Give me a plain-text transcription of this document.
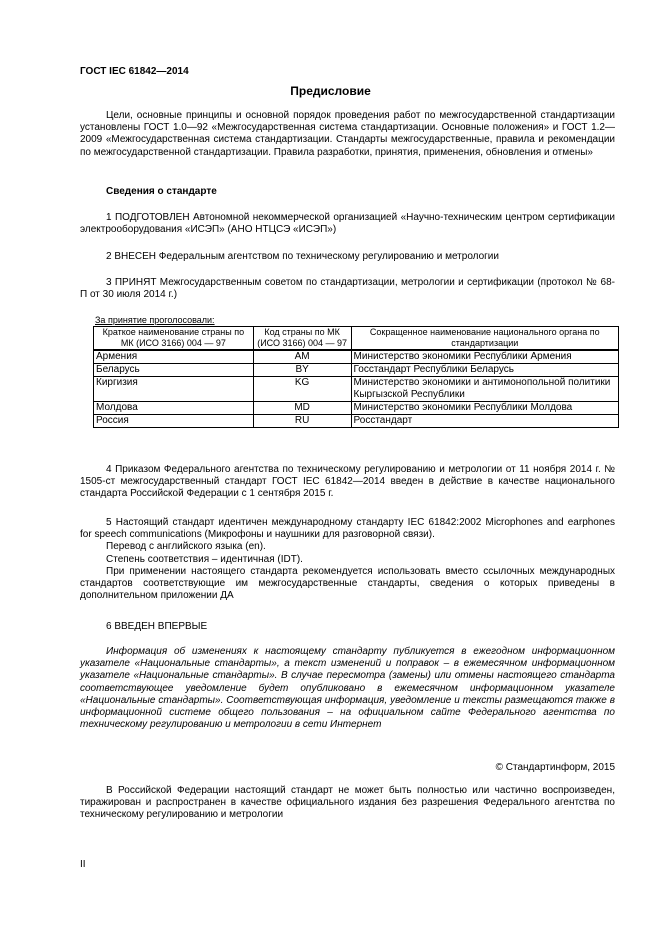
ГОСТ IEC 61842—2014
Предисловие

Цели, основные принципы и основной порядок проведения работ по межгосударственной стандартизации установлены ГОСТ 1.0—92 «Межгосударственная система стандартизации. Основные положения» и ГОСТ 1.2—2009 «Межгосударственная система стандартизации. Стандарты межгосударственные, правила и рекомендации по межгосударственной стандартизации. Правила разработки, принятия, применения, обновления и отмены»

Сведения о стандарте

1 ПОДГОТОВЛЕН Автономной некоммерческой организацией «Научно-техническим центром сертификации электрооборудования «ИСЭП» (АНО НТЦСЭ «ИСЭП»)

2 ВНЕСЕН Федеральным агентством по техническому регулированию и метрологии

3 ПРИНЯТ Межгосударственным советом по стандартизации, метрологии и сертификации (протокол № 68-П от 30 июля 2014 г.)

За принятие проголосовали:
Краткое наименование страны по МК (ИСО 3166) 004 — 97	Код страны по МК (ИСО 3166) 004 — 97	Сокращенное наименование национального органа по стандартизации
Армения	AM	Министерство экономики Республики Армения
Беларусь	BY	Госстандарт Республики Беларусь
Киргизия	KG	Министерство экономики и антимонопольной политики Кыргызской Республики
Молдова	MD	Министерство экономики Республики Молдова
Россия	RU	Росстандарт

4 Приказом Федерального агентства по техническому регулированию и метрологии от 11 ноября 2014 г. № 1505-ст межгосударственный стандарт ГОСТ IEC 61842—2014 введен в действие в качестве национального стандарта Российской Федерации с 1 сентября 2015 г.

5 Настоящий стандарт идентичен международному стандарту IEC 61842:2002 Microphones and earphones for speech communications (Микрофоны и наушники для разговорной связи).

Перевод с английского языка (en).

Степень соответствия – идентичная (IDT).

При применении настоящего стандарта рекомендуется использовать вместо ссылочных международных стандартов соответствующие им межгосударственные стандарты, сведения о которых приведены в дополнительном приложении ДА

6 ВВЕДЕН ВПЕРВЫЕ

Информация об изменениях к настоящему стандарту публикуется в ежегодном информационном указателе «Национальные стандарты», а текст изменений и поправок – в ежемесячном информационном указателе «Национальные стандарты». В случае пересмотра (замены) или отмены настоящего стандарта соответствующее уведомление будет опубликовано в ежемесячном информационном указателе «Национальные стандарты». Соответствующая информация, уведомление и тексты размещаются также в информационной системе общего пользования – на официальном сайте Федерального агентства по техническому регулированию и метрологии в сети Интернет

© Стандартинформ, 2015

В Российской Федерации настоящий стандарт не может быть полностью или частично воспроизведен, тиражирован и распространен в качестве официального издания без разрешения Федерального агентства по техническому регулированию и метрологии

II
